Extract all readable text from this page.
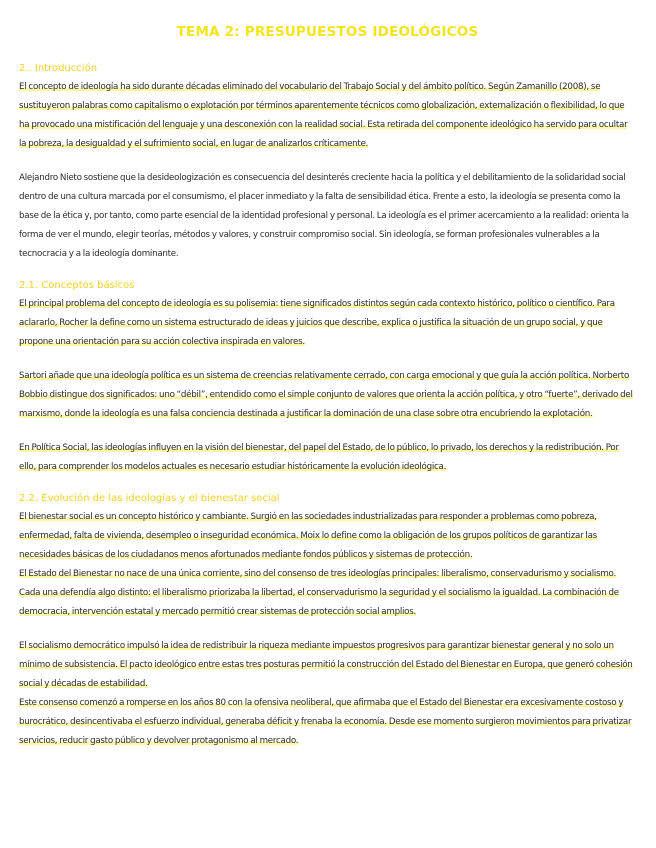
TEMA 2: PRESUPUESTOS IDEOLÓGICOS
2.. Introducción

El concepto de ideología ha sido durante décadas eliminado del vocabulario del Trabajo Social y del ámbito político. Según Zamanillo (2008), se sustituyeron palabras como capitalismo o explotación por términos aparentemente técnicos como globalización, externalización o flexibilidad, lo que ha provocado una mistificación del lenguaje y una desconexión con la realidad social. Esta retirada del componente ideológico ha servido para ocultar la pobreza, la desigualdad y el sufrimiento social, en lugar de analizarlos críticamente.

Alejandro Nieto sostiene que la desideologización es consecuencia del desinterés creciente hacia la política y el debilitamiento de la solidaridad social dentro de una cultura marcada por el consumismo, el placer inmediato y la falta de sensibilidad ética. Frente a esto, la ideología se presenta como la base de la ética y, por tanto, como parte esencial de la identidad profesional y personal. La ideología es el primer acercamiento a la realidad: orienta la forma de ver el mundo, elegir teorías, métodos y valores, y construir compromiso social. Sin ideología, se forman profesionales vulnerables a la tecnocracia y a la ideología dominante.

2.1. Conceptos básicos

El principal problema del concepto de ideología es su polisemia: tiene significados distintos según cada contexto histórico, político o científico. Para aclararlo, Rocher la define como un sistema estructurado de ideas y juicios que describe, explica o justifica la situación de un grupo social, y que propone una orientación para su acción colectiva inspirada en valores.

Sartori añade que una ideología política es un sistema de creencias relativamente cerrado, con carga emocional y que guía la acción política. Norberto Bobbio distingue dos significados: uno “débil”, entendido como el simple conjunto de valores que orienta la acción política, y otro “fuerte”, derivado del marxismo, donde la ideología es una falsa conciencia destinada a justificar la dominación de una clase sobre otra encubriendo la explotación.

En Política Social, las ideologías influyen en la visión del bienestar, del papel del Estado, de lo público, lo privado, los derechos y la redistribución. Por ello, para comprender los modelos actuales es necesario estudiar históricamente la evolución ideológica.

2.2. Evolución de las ideologías y el bienestar social

El bienestar social es un concepto histórico y cambiante. Surgió en las sociedades industrializadas para responder a problemas como pobreza, enfermedad, falta de vivienda, desempleo o inseguridad económica. Moix lo define como la obligación de los grupos políticos de garantizar las necesidades básicas de los ciudadanos menos afortunados mediante fondos públicos y sistemas de protección.

El Estado del Bienestar no nace de una única corriente, sino del consenso de tres ideologías principales: liberalismo, conservadurismo y socialismo. Cada una defendía algo distinto: el liberalismo priorizaba la libertad, el conservadurismo la seguridad y el socialismo la igualdad. La combinación de democracia, intervención estatal y mercado permitió crear sistemas de protección social amplios.

El socialismo democrático impulsó la idea de redistribuir la riqueza mediante impuestos progresivos para garantizar bienestar general y no solo un mínimo de subsistencia. El pacto ideológico entre estas tres posturas permitió la construcción del Estado del Bienestar en Europa, que generó cohesión social y décadas de estabilidad.

Este consenso comenzó a romperse en los años 80 con la ofensiva neoliberal, que afirmaba que el Estado del Bienestar era excesivamente costoso y burocrático, desincentivaba el esfuerzo individual, generaba déficit y frenaba la economía. Desde ese momento surgieron movimientos para privatizar servicios, reducir gasto público y devolver protagonismo al mercado.
